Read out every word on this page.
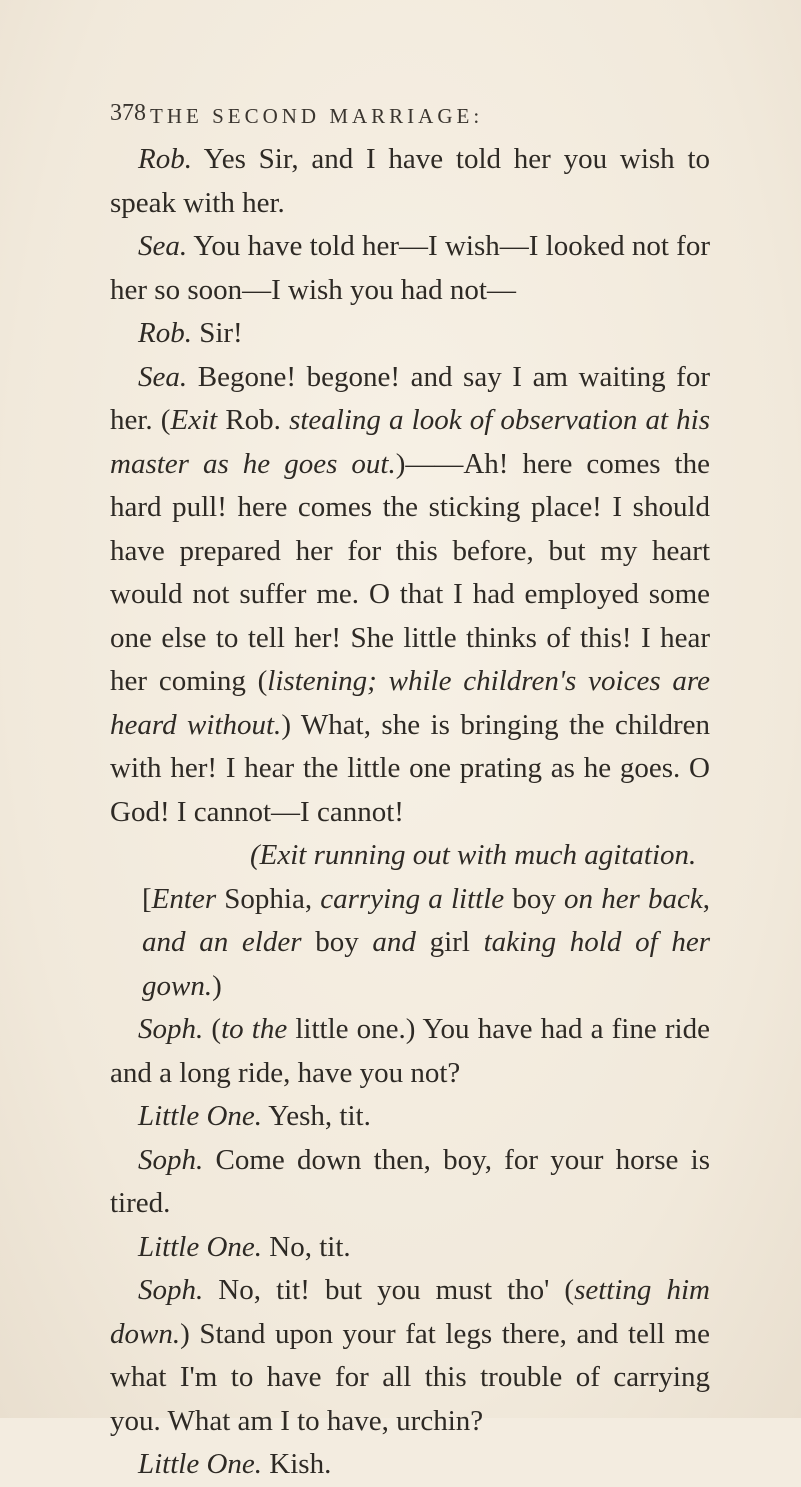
378 THE SECOND MARRIAGE:

Rob. Yes Sir, and I have told her you wish to speak with her.

Sea. You have told her—I wish—I looked not for her so soon—I wish you had not—

Rob. Sir!

Sea. Begone! begone! and say I am waiting for her. (Exit Rob. stealing a look of observation at his master as he goes out.)——Ah! here comes the hard pull! here comes the sticking place! I should have prepared her for this before, but my heart would not suffer me. O that I had employed some one else to tell her! She little thinks of this! I hear her coming (listening; while children's voices are heard without.) What, she is bringing the children with her! I hear the little one prating as he goes. O God! I cannot—I cannot!

(Exit running out with much agitation.

[Enter Sophia, carrying a little boy on her back, and an elder boy and girl taking hold of her gown.)

Soph. (to the little one.) You have had a fine ride and a long ride, have you not?

Little One. Yesh, tit.

Soph. Come down then, boy, for your horse is tired.

Little One. No, tit.

Soph. No, tit! but you must tho' (setting him down.) Stand upon your fat legs there, and tell me what I'm to have for all this trouble of carrying you. What am I to have, urchin?

Little One. Kish.
